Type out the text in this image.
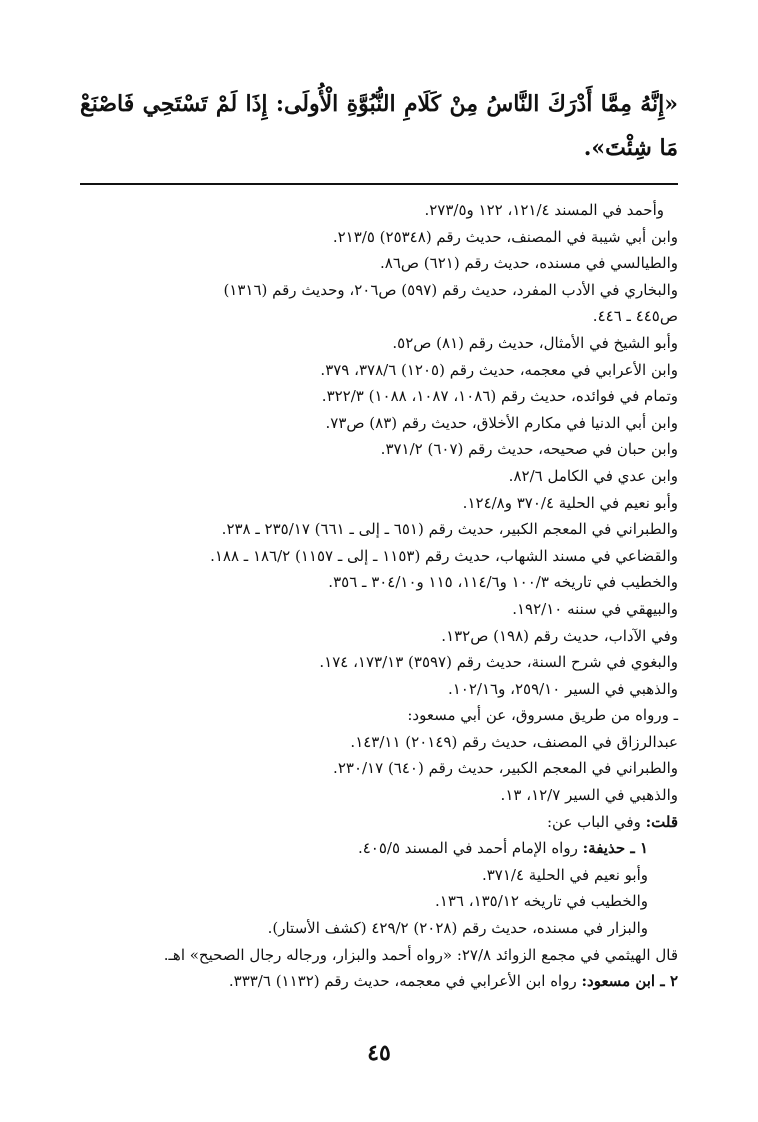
«إِنَّهُ مِمَّا أَدْرَكَ النَّاسُ مِنْ كَلَامِ النُّبُوَّةِ الْأُولَى: إِذَا لَمْ تَسْتَحِي فَاصْنَعْ مَا شِئْتَ».
وأحمد في المسند ١٢١/٤، ١٢٢ و٢٧٣/٥.
وابن أبي شيبة في المصنف، حديث رقم (٢٥٣٤٨) ٢١٣/٥.
والطيالسي في مسنده، حديث رقم (٦٢١) ص٨٦.
والبخاري في الأدب المفرد، حديث رقم (٥٩٧) ص٢٠٦، وحديث رقم (١٣١٦)
ص٤٤٥ ـ ٤٤٦.
وأبو الشيخ في الأمثال، حديث رقم (٨١) ص٥٢.
وابن الأعرابي في معجمه، حديث رقم (١٢٠٥) ٣٧٨/٦، ٣٧٩.
وتمام في فوائده، حديث رقم (١٠٨٦، ١٠٨٧، ١٠٨٨) ٣٢٢/٣.
وابن أبي الدنيا في مكارم الأخلاق، حديث رقم (٨٣) ص٧٣.
وابن حبان في صحيحه، حديث رقم (٦٠٧) ٣٧١/٢.
وابن عدي في الكامل ٨٢/٦.
وأبو نعيم في الحلية ٣٧٠/٤ و١٢٤/٨.
والطبراني في المعجم الكبير، حديث رقم (٦٥١ ـ إلى ـ ٦٦١) ٢٣٥/١٧ ـ ٢٣٨.
والقضاعي في مسند الشهاب، حديث رقم (١١٥٣ ـ إلى ـ ١١٥٧) ١٨٦/٢ ـ ١٨٨.
والخطيب في تاريخه ١٠٠/٣ و١١٤/٦، ١١٥ و٣٠٤/١٠ ـ ٣٥٦.
والبيهقي في سننه ١٩٢/١٠.
وفي الآداب، حديث رقم (١٩٨) ص١٣٢.
والبغوي في شرح السنة، حديث رقم (٣٥٩٧) ١٧٣/١٣، ١٧٤.
والذهبي في السير ٢٥٩/١٠، و١٠٢/١٦.
ـ ورواه من طريق مسروق، عن أبي مسعود:
عبدالرزاق في المصنف، حديث رقم (٢٠١٤٩) ١٤٣/١١.
والطبراني في المعجم الكبير، حديث رقم (٦٤٠) ٢٣٠/١٧.
والذهبي في السير ١٢/٧، ١٣.
قلت: وفي الباب عن:
١ ـ حذيفة: رواه الإمام أحمد في المسند ٤٠٥/٥.
وأبو نعيم في الحلية ٣٧١/٤.
والخطيب في تاريخه ١٣٥/١٢، ١٣٦.
والبزار في مسنده، حديث رقم (٢٠٢٨) ٤٢٩/٢ (كشف الأستار).
قال الهيثمي في مجمع الزوائد ٢٧/٨: «رواه أحمد والبزار، ورجاله رجال الصحيح» اهـ.
٢ ـ ابن مسعود: رواه ابن الأعرابي في معجمه، حديث رقم (١١٣٢) ٣٣٣/٦.
٤٥
